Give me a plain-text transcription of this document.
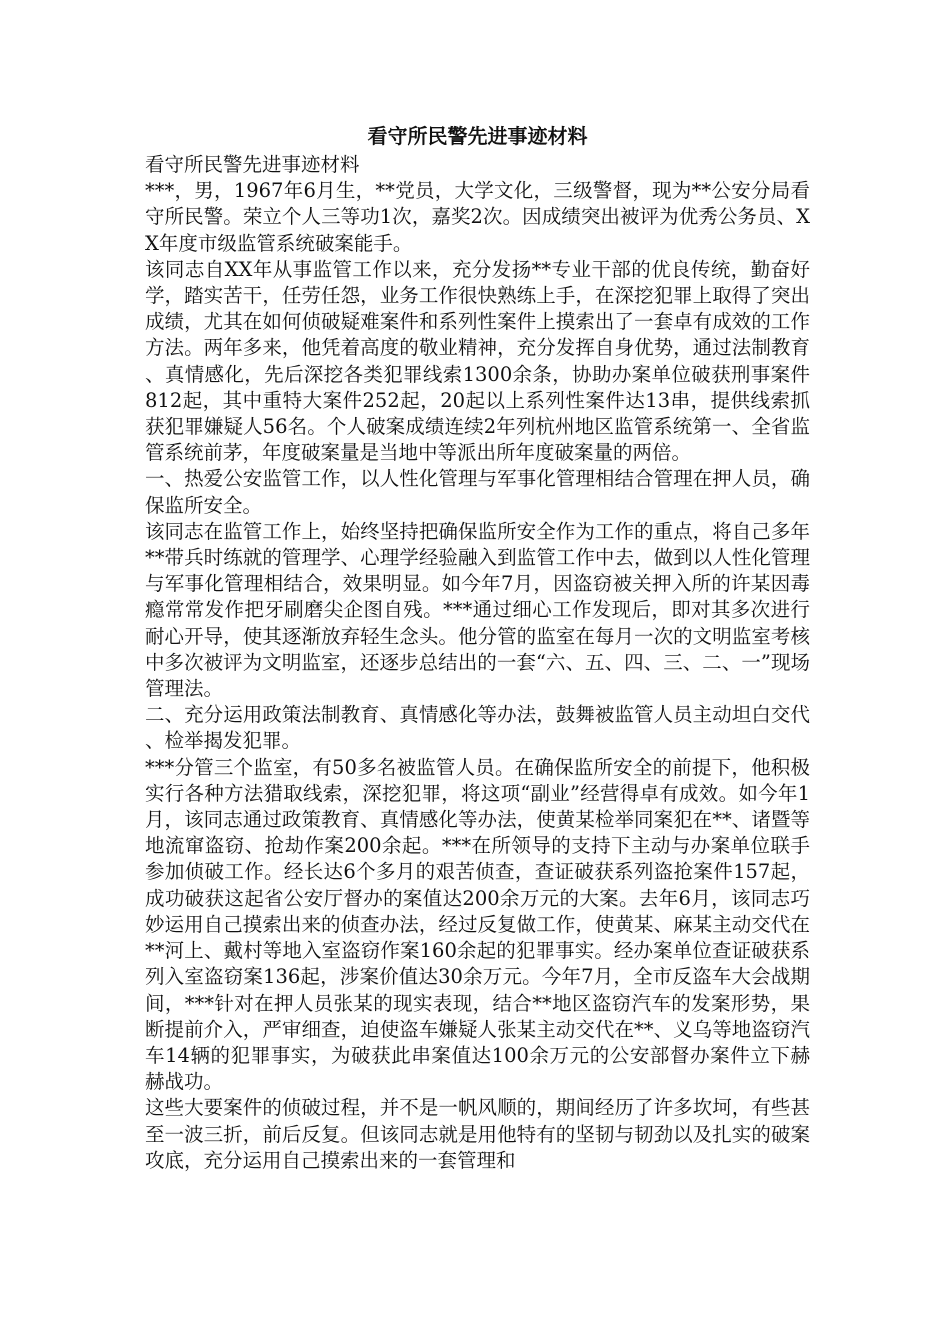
看守所民警先进事迹材料

看守所民警先进事迹材料

***，男，1967年6月生，**党员，大学文化，三级警督，现为**公安分局看守所民警。荣立个人三等功1次，嘉奖2次。因成绩突出被评为优秀公务员、XX年度市级监管系统破案能手。

该同志自XX年从事监管工作以来，充分发扬**专业干部的优良传统，勤奋好学，踏实苦干，任劳任怨，业务工作很快熟练上手，在深挖犯罪上取得了突出成绩，尤其在如何侦破疑难案件和系列性案件上摸索出了一套卓有成效的工作方法。两年多来，他凭着高度的敬业精神，充分发挥自身优势，通过法制教育、真情感化，先后深挖各类犯罪线索1300余条，协助办案单位破获刑事案件812起，其中重特大案件252起，20起以上系列性案件达13串，提供线索抓获犯罪嫌疑人56名。个人破案成绩连续2年列杭州地区监管系统第一、全省监管系统前茅，年度破案量是当地中等派出所年度破案量的两倍。

一、热爱公安监管工作，以人性化管理与军事化管理相结合管理在押人员，确保监所安全。

该同志在监管工作上，始终坚持把确保监所安全作为工作的重点，将自己多年**带兵时练就的管理学、心理学经验融入到监管工作中去，做到以人性化管理与军事化管理相结合，效果明显。如今年7月，因盗窃被关押入所的许某因毒瘾常常发作把牙刷磨尖企图自残。***通过细心工作发现后，即对其多次进行耐心开导，使其逐渐放弃轻生念头。他分管的监室在每月一次的文明监室考核中多次被评为文明监室，还逐步总结出的一套“六、五、四、三、二、一”现场管理法。

二、充分运用政策法制教育、真情感化等办法，鼓舞被监管人员主动坦白交代、检举揭发犯罪。

***分管三个监室，有50多名被监管人员。在确保监所安全的前提下，他积极实行各种方法猎取线索，深挖犯罪，将这项“副业”经营得卓有成效。如今年1月，该同志通过政策教育、真情感化等办法，使黄某检举同案犯在**、诸暨等地流窜盗窃、抢劫作案200余起。***在所领导的支持下主动与办案单位联手参加侦破工作。经长达6个多月的艰苦侦查，查证破获系列盗抢案件157起，成功破获这起省公安厅督办的案值达200余万元的大案。去年6月，该同志巧妙运用自己摸索出来的侦查办法，经过反复做工作，使黄某、麻某主动交代在**河上、戴村等地入室盗窃作案160余起的犯罪事实。经办案单位查证破获系列入室盗窃案136起，涉案价值达30余万元。今年7月，全市反盗车大会战期间，***针对在押人员张某的现实表现，结合**地区盗窃汽车的发案形势，果断提前介入，严审细查，迫使盗车嫌疑人张某主动交代在**、义乌等地盗窃汽车14辆的犯罪事实，为破获此串案值达100余万元的公安部督办案件立下赫赫战功。

这些大要案件的侦破过程，并不是一帆风顺的，期间经历了许多坎坷，有些甚至一波三折，前后反复。但该同志就是用他特有的坚韧与韧劲以及扎实的破案攻底，充分运用自己摸索出来的一套管理和
